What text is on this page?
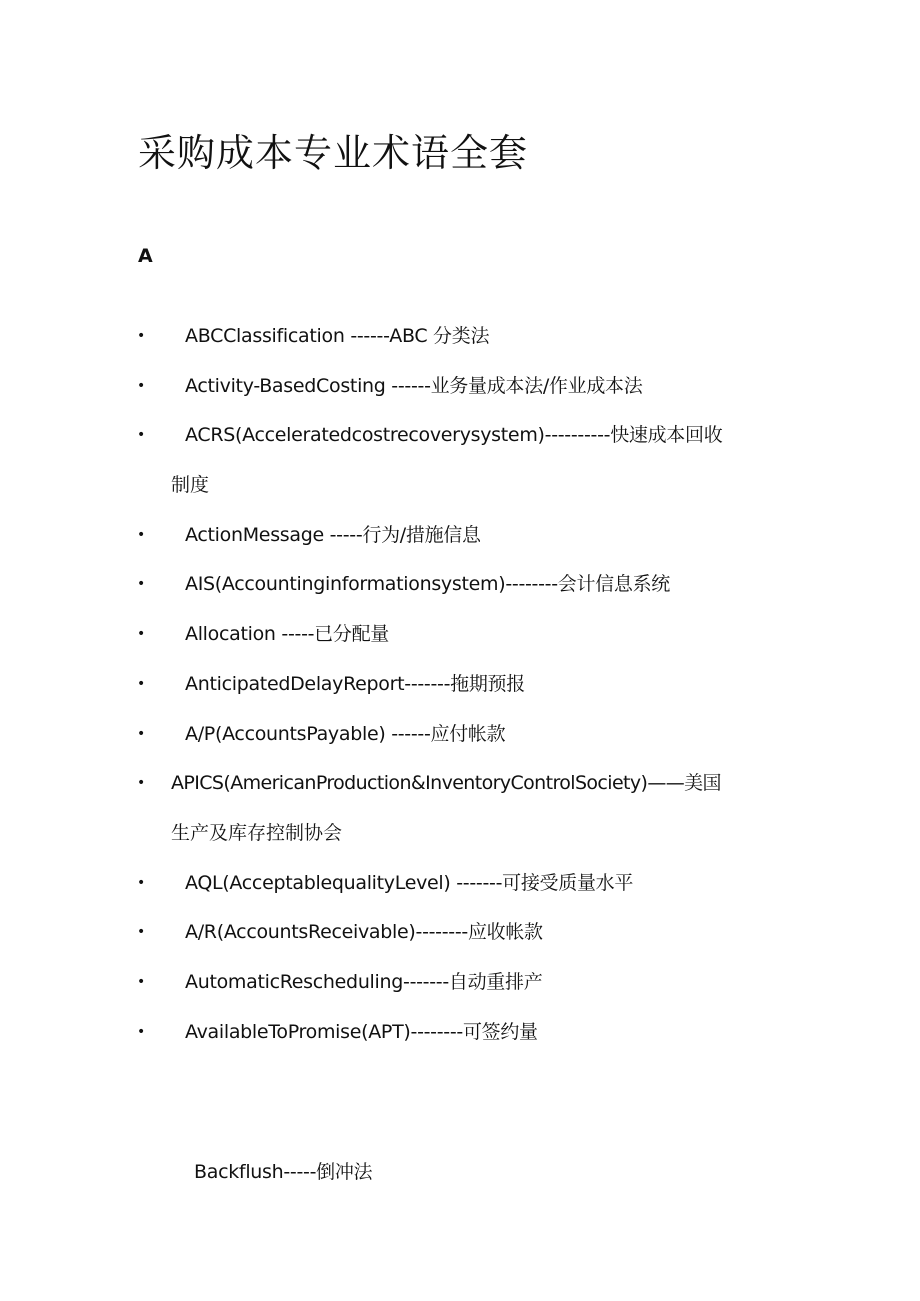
采购成本专业术语全套
A
• ABCClassification ------ABC 分类法
• Activity-BasedCosting ------业务量成本法/作业成本法
• ACRS(Acceleratedcostrecoverysystem)----------快速成本回收
制度
• ActionMessage -----行为/措施信息
• AIS(Accountinginformationsystem)--------会计信息系统
• Allocation -----已分配量
• AnticipatedDelayReport-------拖期预报
• A/P(AccountsPayable) ------应付帐款
• APICS(AmericanProduction&InventoryControlSociety)——美国
生产及库存控制协会
• AQL(AcceptablequalityLevel) -------可接受质量水平
• A/R(AccountsReceivable)--------应收帐款
• AutomaticRescheduling-------自动重排产
• AvailableToPromise(APT)--------可签约量
Backflush-----倒冲法
